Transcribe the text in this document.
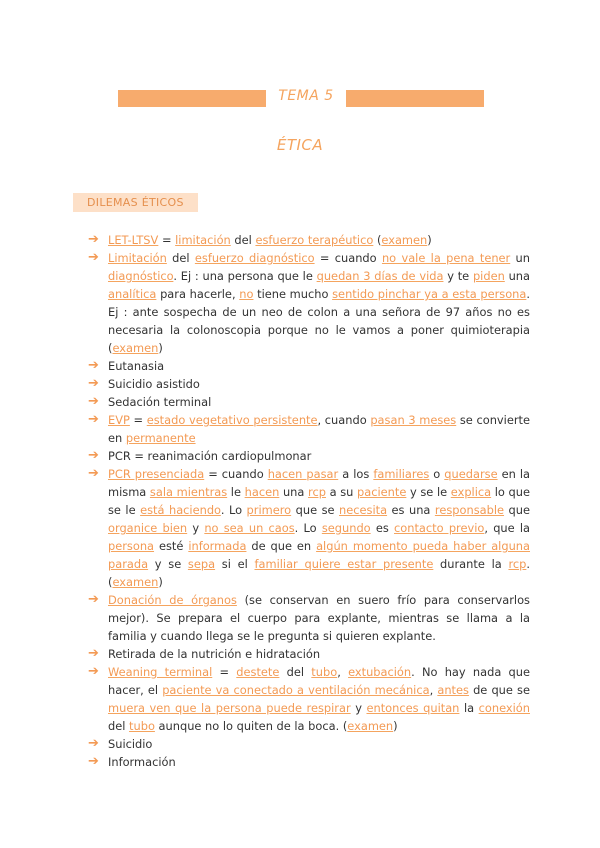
TEMA 5
ÉTICA
DILEMAS ÉTICOS
➔ LET-LTSV = limitación del esfuerzo terapéutico (examen)
➔ Limitación del esfuerzo diagnóstico = cuando no vale la pena tener un diagnóstico. Ej : una persona que le quedan 3 días de vida y te piden una analítica para hacerle, no tiene mucho sentido pinchar ya a esta persona. Ej : ante sospecha de un neo de colon a una señora de 97 años no es necesaria la colonoscopia porque no le vamos a poner quimioterapia (examen)
➔ Eutanasia
➔ Suicidio asistido
➔ Sedación terminal
➔ EVP = estado vegetativo persistente, cuando pasan 3 meses se convierte en permanente
➔ PCR = reanimación cardiopulmonar
➔ PCR presenciada = cuando hacen pasar a los familiares o quedarse en la misma sala mientras le hacen una rcp a su paciente y se le explica lo que se le está haciendo. Lo primero que se necesita es una responsable que organice bien y no sea un caos. Lo segundo es contacto previo, que la persona esté informada de que en algún momento pueda haber alguna parada y se sepa si el familiar quiere estar presente durante la rcp. (examen)
➔ Donación de órganos (se conservan en suero frío para conservarlos mejor). Se prepara el cuerpo para explante, mientras se llama a la familia y cuando llega se le pregunta si quieren explante.
➔ Retirada de la nutrición e hidratación
➔ Weaning terminal = destete del tubo, extubación. No hay nada que hacer, el paciente va conectado a ventilación mecánica, antes de que se muera ven que la persona puede respirar y entonces quitan la conexión del tubo aunque no lo quiten de la boca. (examen)
➔ Suicidio
➔ Información
